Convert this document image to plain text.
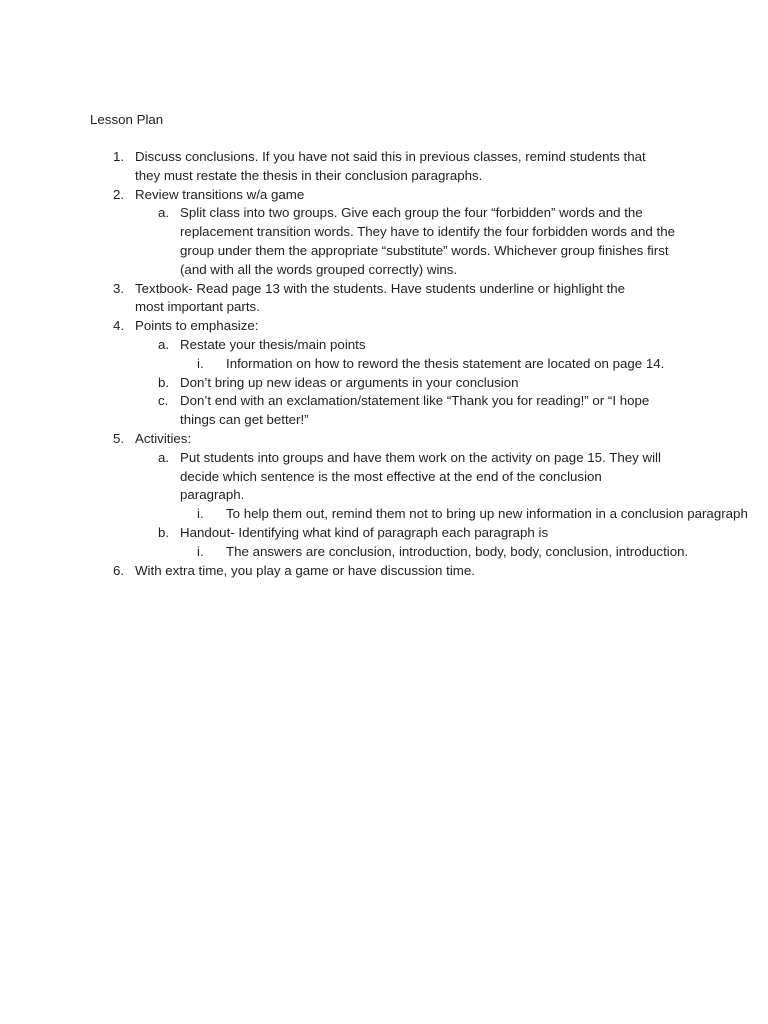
Lesson Plan
1. Discuss conclusions. If you have not said this in previous classes, remind students that they must restate the thesis in their conclusion paragraphs.
2. Review transitions w/a game
a. Split class into two groups. Give each group the four “forbidden” words and the replacement transition words. They have to identify the four forbidden words and the group under them the appropriate “substitute” words. Whichever group finishes first (and with all the words grouped correctly) wins.
3. Textbook- Read page 13 with the students. Have students underline or highlight the most important parts.
4. Points to emphasize:
a. Restate your thesis/main points
i. Information on how to reword the thesis statement are located on page 14.
b. Don’t bring up new ideas or arguments in your conclusion
c. Don’t end with an exclamation/statement like “Thank you for reading!” or “I hope things can get better!”
5. Activities:
a. Put students into groups and have them work on the activity on page 15. They will decide which sentence is the most effective at the end of the conclusion paragraph.
i. To help them out, remind them not to bring up new information in a conclusion paragraph
b. Handout- Identifying what kind of paragraph each paragraph is
i. The answers are conclusion, introduction, body, body, conclusion, introduction.
6. With extra time, you play a game or have discussion time.
